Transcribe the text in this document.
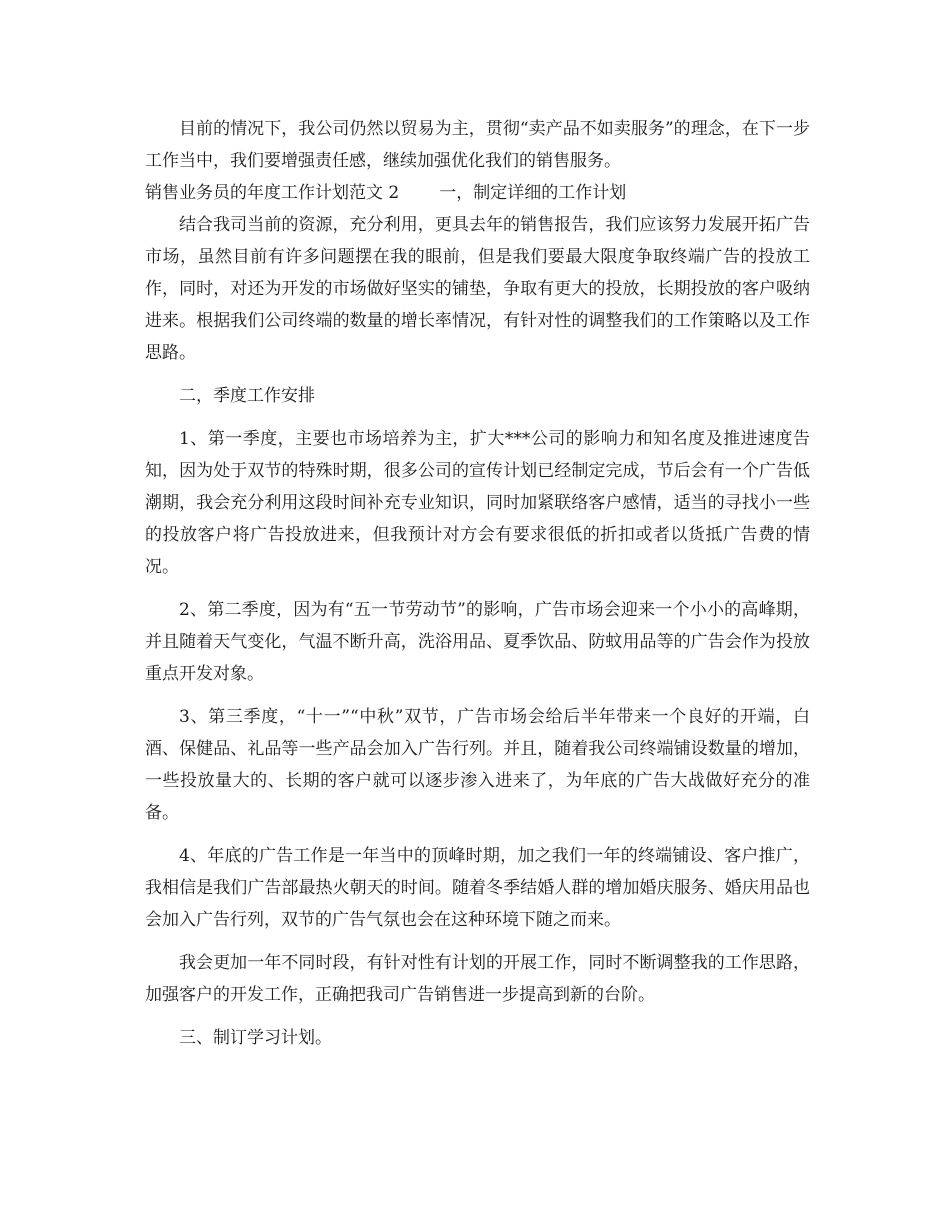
目前的情况下，我公司仍然以贸易为主，贯彻“卖产品不如卖服务”的理念，在下一步工作当中，我们要增强责任感，继续加强优化我们的销售服务。

销售业务员的年度工作计划范文 2 一，制定详细的工作计划

结合我司当前的资源，充分利用，更具去年的销售报告，我们应该努力发展开拓广告市场，虽然目前有许多问题摆在我的眼前，但是我们要最大限度争取终端广告的投放工作，同时，对还为开发的市场做好坚实的铺垫，争取有更大的投放，长期投放的客户吸纳进来。根据我们公司终端的数量的增长率情况，有针对性的调整我们的工作策略以及工作思路。

二，季度工作安排

1、第一季度，主要也市场培养为主，扩大***公司的影响力和知名度及推进速度告知，因为处于双节的特殊时期，很多公司的宣传计划已经制定完成，节后会有一个广告低潮期，我会充分利用这段时间补充专业知识，同时加紧联络客户感情，适当的寻找小一些的投放客户将广告投放进来，但我预计对方会有要求很低的折扣或者以货抵广告费的情况。

2、第二季度，因为有“五一节劳动节”的影响，广告市场会迎来一个小小的高峰期，并且随着天气变化，气温不断升高，洗浴用品、夏季饮品、防蚊用品等的广告会作为投放重点开发对象。

3、第三季度，“十一”“中秋”双节，广告市场会给后半年带来一个良好的开端，白酒、保健品、礼品等一些产品会加入广告行列。并且，随着我公司终端铺设数量的增加，一些投放量大的、长期的客户就可以逐步渗入进来了，为年底的广告大战做好充分的准备。

4、年底的广告工作是一年当中的顶峰时期，加之我们一年的终端铺设、客户推广，我相信是我们广告部最热火朝天的时间。随着冬季结婚人群的增加婚庆服务、婚庆用品也会加入广告行列，双节的广告气氛也会在这种环境下随之而来。

我会更加一年不同时段，有针对性有计划的开展工作，同时不断调整我的工作思路，加强客户的开发工作，正确把我司广告销售进一步提高到新的台阶。

三、制订学习计划。
